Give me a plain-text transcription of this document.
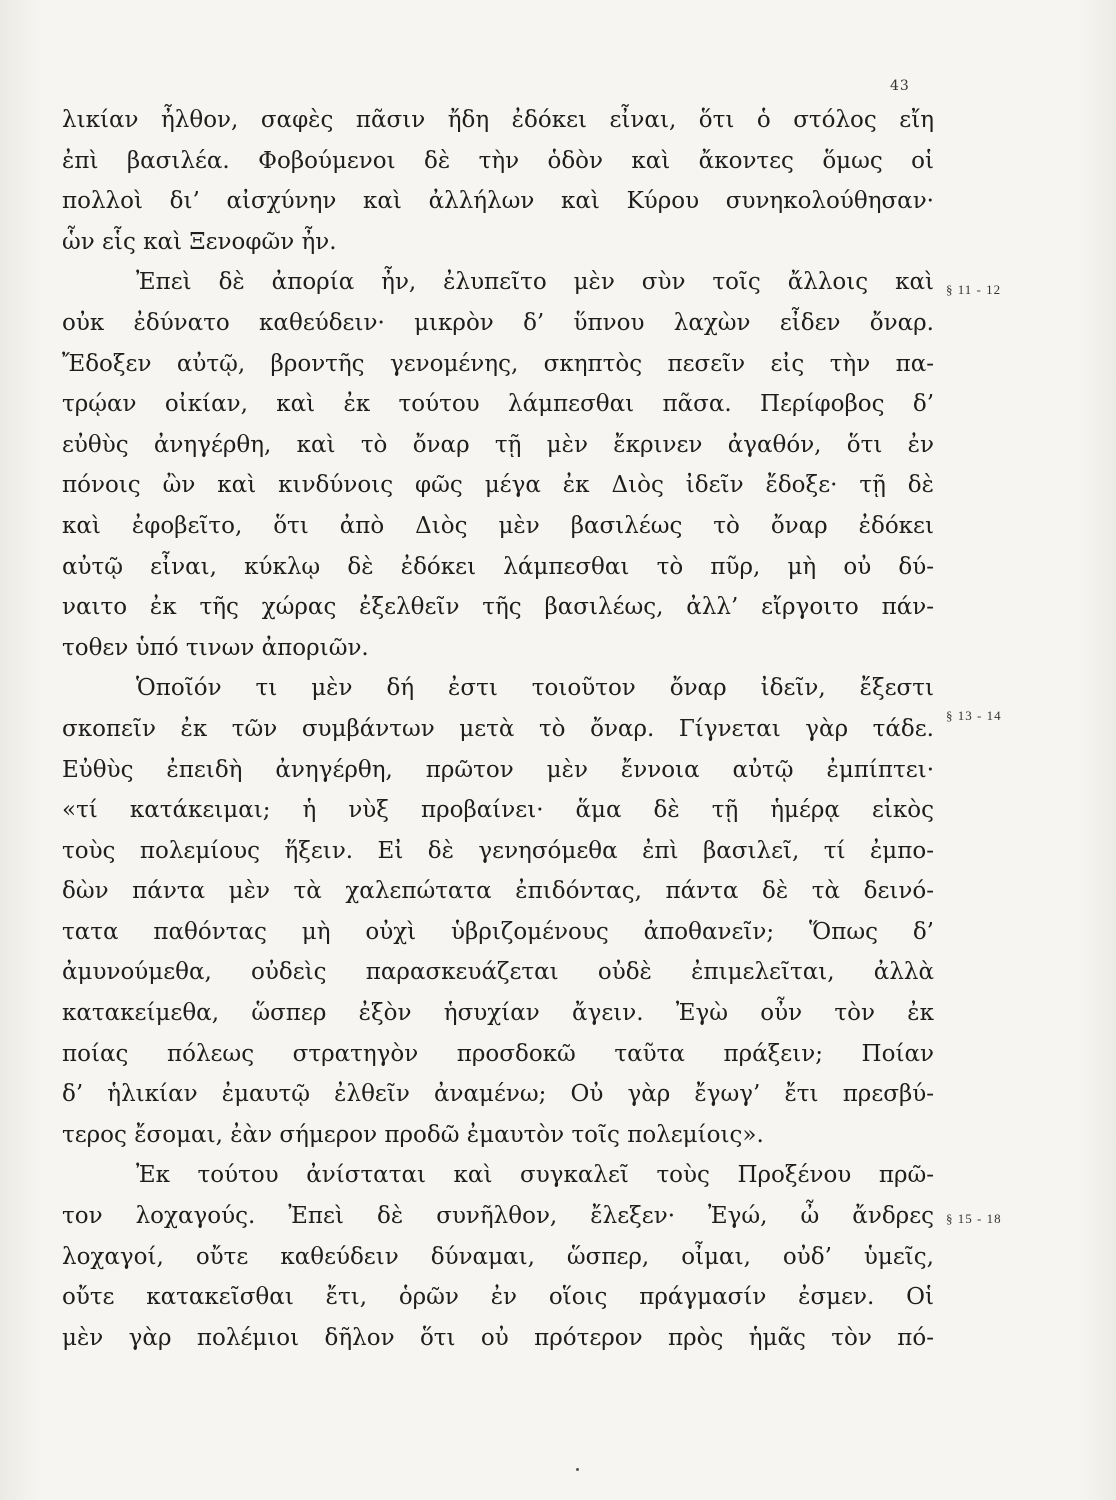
43
λικίαν ἦλθον, σαφὲς πᾶσιν ἤδη ἐδόκει εἶναι, ὅτι ὁ στόλος εἴη
ἐπὶ βασιλέα. Φοβούμενοι δὲ τὴν ὁδὸν καὶ ἄκοντες ὅμως οἱ
πολλοὶ δι’ αἰσχύνην καὶ ἀλλήλων καὶ Κύρου συνηκολούθησαν·
ὧν εἷς καὶ Ξενοφῶν ἦν.
Ἐπεὶ δὲ ἀπορία ἦν, ἐλυπεῖτο μὲν σὺν τοῖς ἄλλοις καὶ
οὐκ ἐδύνατο καθεύδειν· μικρὸν δ’ ὕπνου λαχὼν εἶδεν ὄναρ.
Ἔδοξεν αὐτῷ, βροντῆς γενομένης, σκηπτὸς πεσεῖν εἰς τὴν πα-
τρῴαν οἰκίαν, καὶ ἐκ τούτου λάμπεσθαι πᾶσα. Περίφοβος δ’
εὐθὺς ἀνηγέρθη, καὶ τὸ ὄναρ τῇ μὲν ἔκρινεν ἀγαθόν, ὅτι ἐν
πόνοις ὢν καὶ κινδύνοις φῶς μέγα ἐκ Διὸς ἰδεῖν ἔδοξε· τῇ δὲ
καὶ ἐφοβεῖτο, ὅτι ἀπὸ Διὸς μὲν βασιλέως τὸ ὄναρ ἐδόκει
αὐτῷ εἶναι, κύκλῳ δὲ ἐδόκει λάμπεσθαι τὸ πῦρ, μὴ οὐ δύ-
ναιτο ἐκ τῆς χώρας ἐξελθεῖν τῆς βασιλέως, ἀλλ’ εἴργοιτο πάν-
τοθεν ὑπό τινων ἀποριῶν.
Ὁποῖόν τι μὲν δή ἐστι τοιοῦτον ὄναρ ἰδεῖν, ἔξεστι
σκοπεῖν ἐκ τῶν συμβάντων μετὰ τὸ ὄναρ. Γίγνεται γὰρ τάδε.
Εὐθὺς ἐπειδὴ ἀνηγέρθη, πρῶτον μὲν ἔννοια αὐτῷ ἐμπίπτει·
«τί κατάκειμαι; ἡ νὺξ προβαίνει· ἅμα δὲ τῇ ἡμέρᾳ εἰκὸς
τοὺς πολεμίους ἥξειν. Εἰ δὲ γενησόμεθα ἐπὶ βασιλεῖ, τί ἐμπο-
δὼν πάντα μὲν τὰ χαλεπώτατα ἐπιδόντας, πάντα δὲ τὰ δεινό-
τατα παθόντας μὴ οὐχὶ ὑβριζομένους ἀποθανεῖν; Ὅπως δ’
ἀμυνούμεθα, οὐδεὶς παρασκευάζεται οὐδὲ ἐπιμελεῖται, ἀλλὰ
κατακείμεθα, ὥσπερ ἐξὸν ἡσυχίαν ἄγειν. Ἐγὼ οὖν τὸν ἐκ
ποίας πόλεως στρατηγὸν προσδοκῶ ταῦτα πράξειν; Ποίαν
δ’ ἡλικίαν ἐμαυτῷ ἐλθεῖν ἀναμένω; Οὐ γὰρ ἔγωγ’ ἔτι πρεσβύ-
τερος ἔσομαι, ἐὰν σήμερον προδῶ ἐμαυτὸν τοῖς πολεμίοις».
Ἐκ τούτου ἀνίσταται καὶ συγκαλεῖ τοὺς Προξένου πρῶ-
τον λοχαγούς. Ἐπεὶ δὲ συνῆλθον, ἔλεξεν· Ἐγώ, ὦ ἄνδρες
λοχαγοί, οὔτε καθεύδειν δύναμαι, ὥσπερ, οἶμαι, οὐδ’ ὑμεῖς,
οὔτε κατακεῖσθαι ἔτι, ὁρῶν ἐν οἵοις πράγμασίν ἐσμεν. Οἱ
μὲν γὰρ πολέμιοι δῆλον ὅτι οὐ πρότερον πρὸς ἡμᾶς τὸν πό-
§ 11 - 12
§ 13 - 14
§ 15 - 18
